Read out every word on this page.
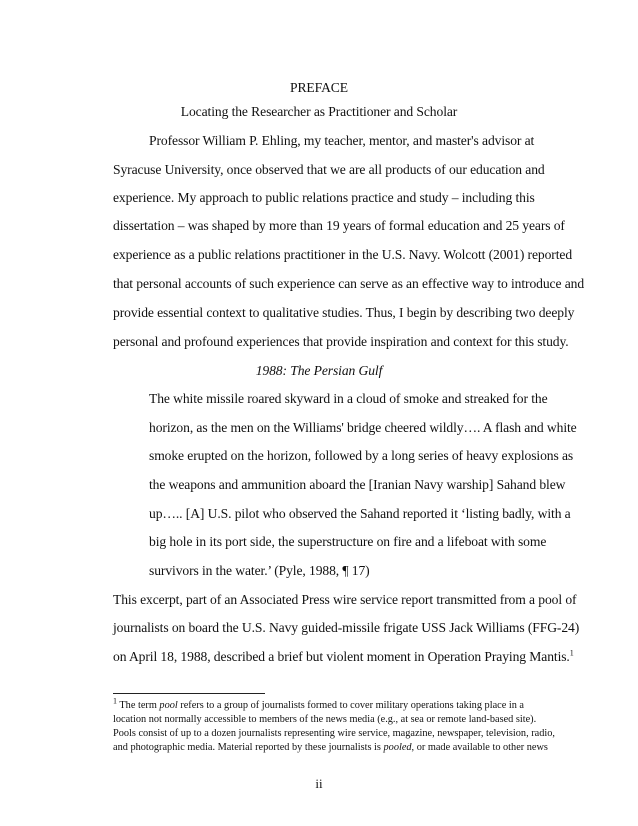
PREFACE
Locating the Researcher as Practitioner and Scholar
Professor William P. Ehling, my teacher, mentor, and master's advisor at
Syracuse University, once observed that we are all products of our education and
experience. My approach to public relations practice and study – including this
dissertation – was shaped by more than 19 years of formal education and 25 years of
experience as a public relations practitioner in the U.S. Navy. Wolcott (2001) reported
that personal accounts of such experience can serve as an effective way to introduce and
provide essential context to qualitative studies. Thus, I begin by describing two deeply
personal and profound experiences that provide inspiration and context for this study.
1988: The Persian Gulf
The white missile roared skyward in a cloud of smoke and streaked for the
horizon, as the men on the Williams' bridge cheered wildly…. A flash and white
smoke erupted on the horizon, followed by a long series of heavy explosions as
the weapons and ammunition aboard the [Iranian Navy warship] Sahand blew
up….. [A] U.S. pilot who observed the Sahand reported it ‘listing badly, with a
big hole in its port side, the superstructure on fire and a lifeboat with some
survivors in the water.’ (Pyle, 1988, ¶ 17)
This excerpt, part of an Associated Press wire service report transmitted from a pool of
journalists on board the U.S. Navy guided-missile frigate USS Jack Williams (FFG-24)
on April 18, 1988, described a brief but violent moment in Operation Praying Mantis.$^1$
$^1$ The term pool refers to a group of journalists formed to cover military operations taking place in a
location not normally accessible to members of the news media (e.g., at sea or remote land-based site).
Pools consist of up to a dozen journalists representing wire service, magazine, newspaper, television, radio,
and photographic media. Material reported by these journalists is pooled, or made available to other news
ii
